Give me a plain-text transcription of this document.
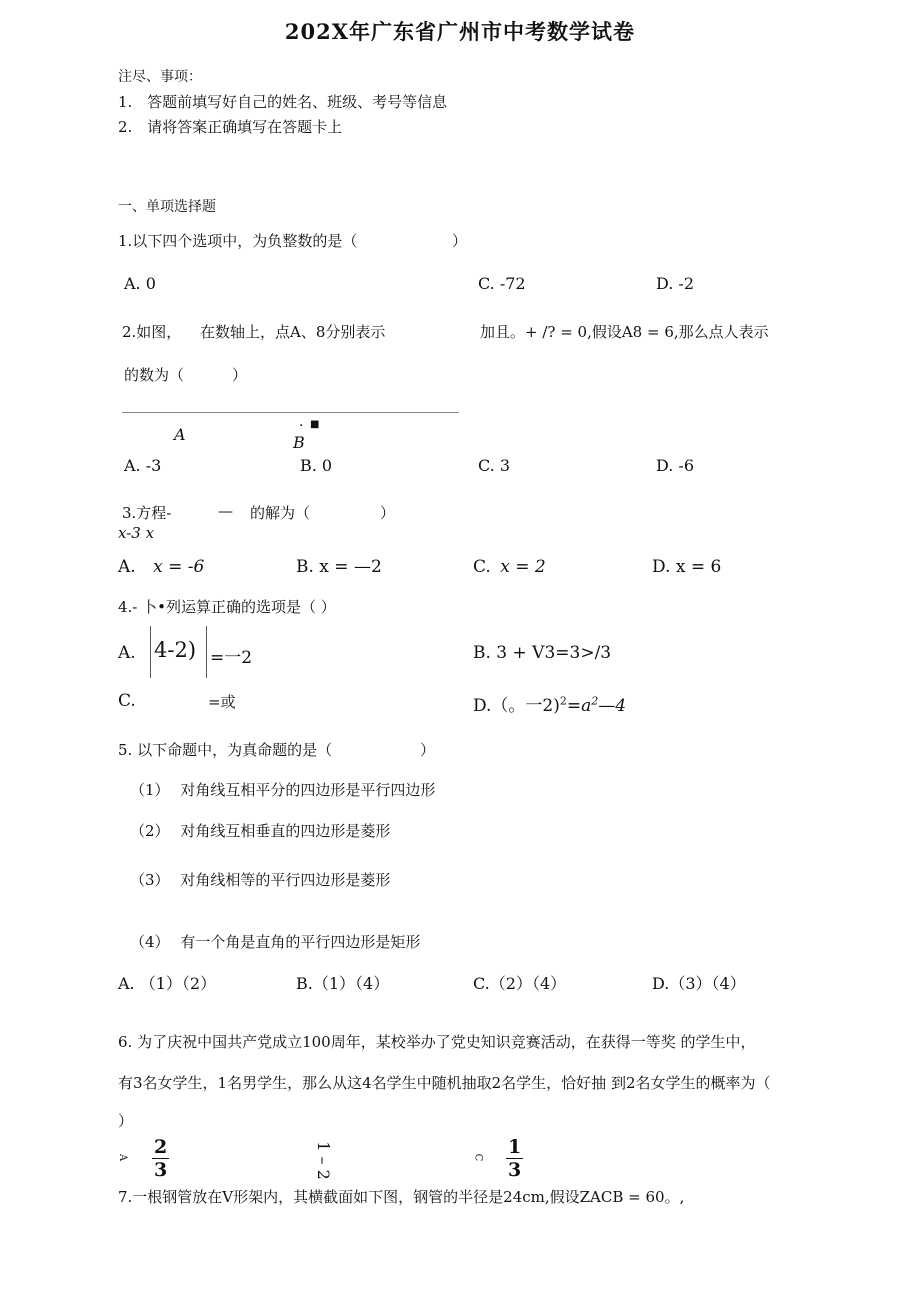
202X年广东省广州市中考数学试卷
注尽、事项：
1. 答题前填写好自己的姓名、班级、考号等信息
2. 请将答案正确填写在答题卡上
一、单项选择题
1.以下四个选项中，为负整数的是（	）
A. 0	C. -72	D. -2
2.如图， 在数轴上，点A、8分别表示	加且。+ /? = 0,假设A8 = 6,那么点人表示
的数为（	）
A	· ■
B
A. -3	B. 0	C. 3	D. -6
3.方程-	— 的解为（	）
x-3 x
A. x = -6	B. x = —2	C. x = 2	D. x = 6
4.- 卜•列运算正确的选项是（ ）
A. 4-2) =一2	B. 3 + V3=3>/3
C.	=或	D.（。一$2)^2=a^2—4$
5. 以下命题中，为真命题的是（	）
（1） 对角线互相平分的四边形是平行四边形
（2） 对角线互相垂直的四边形是菱形
（3） 对角线相等的平行四边形是菱形
（4） 有一个角是直角的平行四边形是矩形
A. （1）（2）	B.（1）（4）	C.（2）（4）	D.（3）（4）
6. 为了庆祝中国共产党成立100周年，某校举办了党史知识竞赛活动，在获得一等奖 的学生中，
有3名女学生，1名男学生，那么从这4名学生中随机抽取2名学生，恰好抽 到2名女学生的概率为（
）
A $\frac{2}{3}$	1 – 2	C $\frac{1}{3}$
7.一根钢管放在V形架内，其横截面如下图，钢管的半径是24cm,假设ZACB = 60。,
